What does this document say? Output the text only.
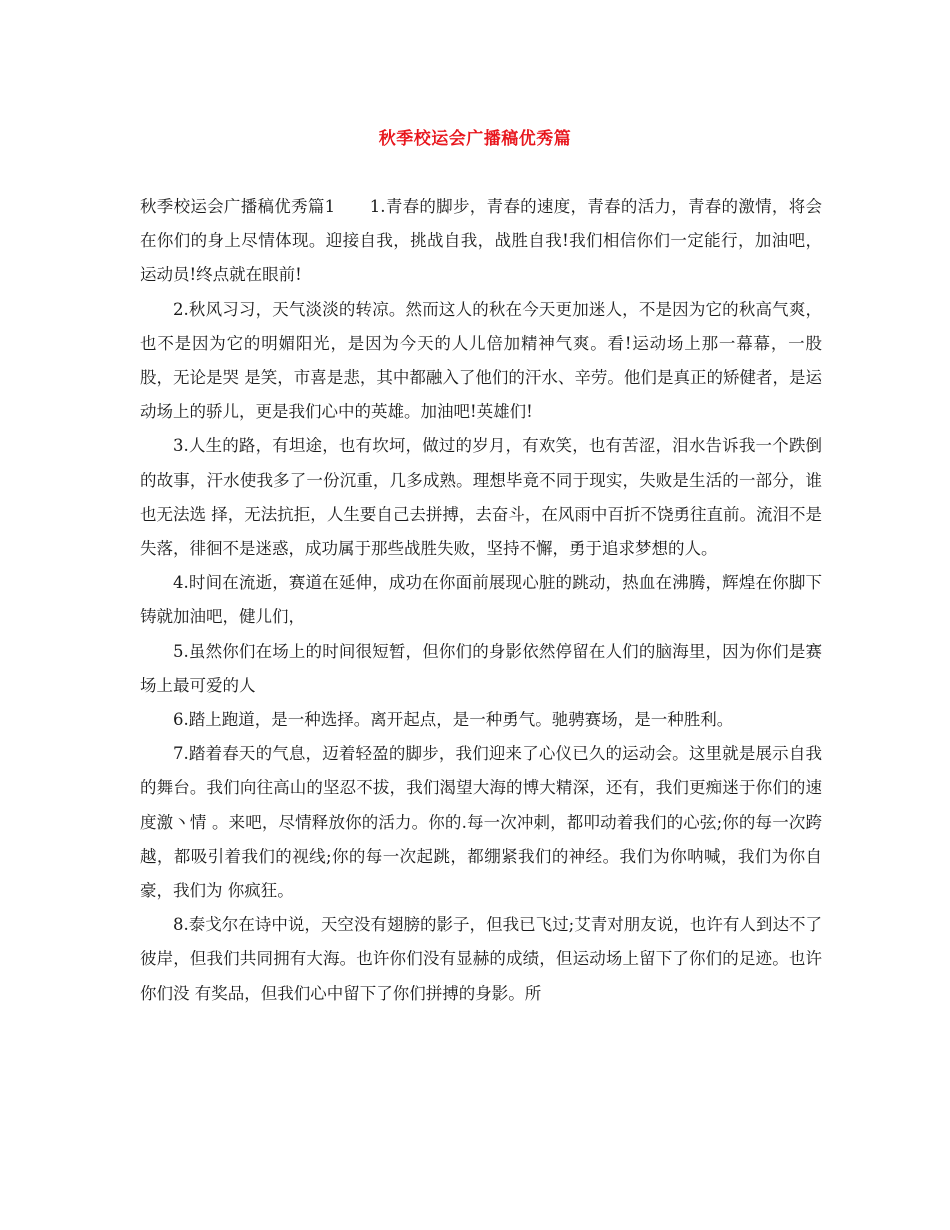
秋季校运会广播稿优秀篇

秋季校运会广播稿优秀篇1 1.青春的脚步，青春的速度，青春的活力，青春的激情，将会在你们的身上尽情体现。迎接自我，挑战自我，战胜自我!我们相信你们一定能行，加油吧，运动员!终点就在眼前!

2.秋风习习，天气淡淡的转凉。然而这人的秋在今天更加迷人，不是因为它的秋高气爽，也不是因为它的明媚阳光，是因为今天的人儿倍加精神气爽。看!运动场上那一幕幕，一股股，无论是哭 是笑，市喜是悲，其中都融入了他们的汗水、辛劳。他们是真正的矫健者，是运动场上的骄儿，更是我们心中的英雄。加油吧!英雄们!

3.人生的路，有坦途，也有坎坷，做过的岁月，有欢笑，也有苦涩，泪水告诉我一个跌倒的故事，汗水使我多了一份沉重，几多成熟。理想毕竟不同于现实，失败是生活的一部分，谁也无法选 择，无法抗拒，人生要自己去拼搏，去奋斗，在风雨中百折不饶勇往直前。流泪不是失落，徘徊不是迷惑，成功属于那些战胜失败，坚持不懈，勇于追求梦想的人。

4.时间在流逝，赛道在延伸，成功在你面前展现心脏的跳动，热血在沸腾，辉煌在你脚下铸就加油吧，健儿们，

5.虽然你们在场上的时间很短暂，但你们的身影依然停留在人们的脑海里，因为你们是赛场上最可爱的人

6.踏上跑道，是一种选择。离开起点，是一种勇气。驰骋赛场，是一种胜利。

7.踏着春天的气息，迈着轻盈的脚步，我们迎来了心仪已久的运动会。这里就是展示自我的舞台。我们向往高山的坚忍不拔，我们渴望大海的博大精深，还有，我们更痴迷于你们的速度激丶情 。来吧，尽情释放你的活力。你的.每一次冲刺，都叩动着我们的心弦;你的每一次跨越，都吸引着我们的视线;你的每一次起跳，都绷紧我们的神经。我们为你呐喊，我们为你自豪，我们为 你疯狂。

8.泰戈尔在诗中说，天空没有翅膀的影子，但我已飞过;艾青对朋友说，也许有人到达不了彼岸，但我们共同拥有大海。也许你们没有显赫的成绩，但运动场上留下了你们的足迹。也许你们没 有奖品，但我们心中留下了你们拼搏的身影。所
